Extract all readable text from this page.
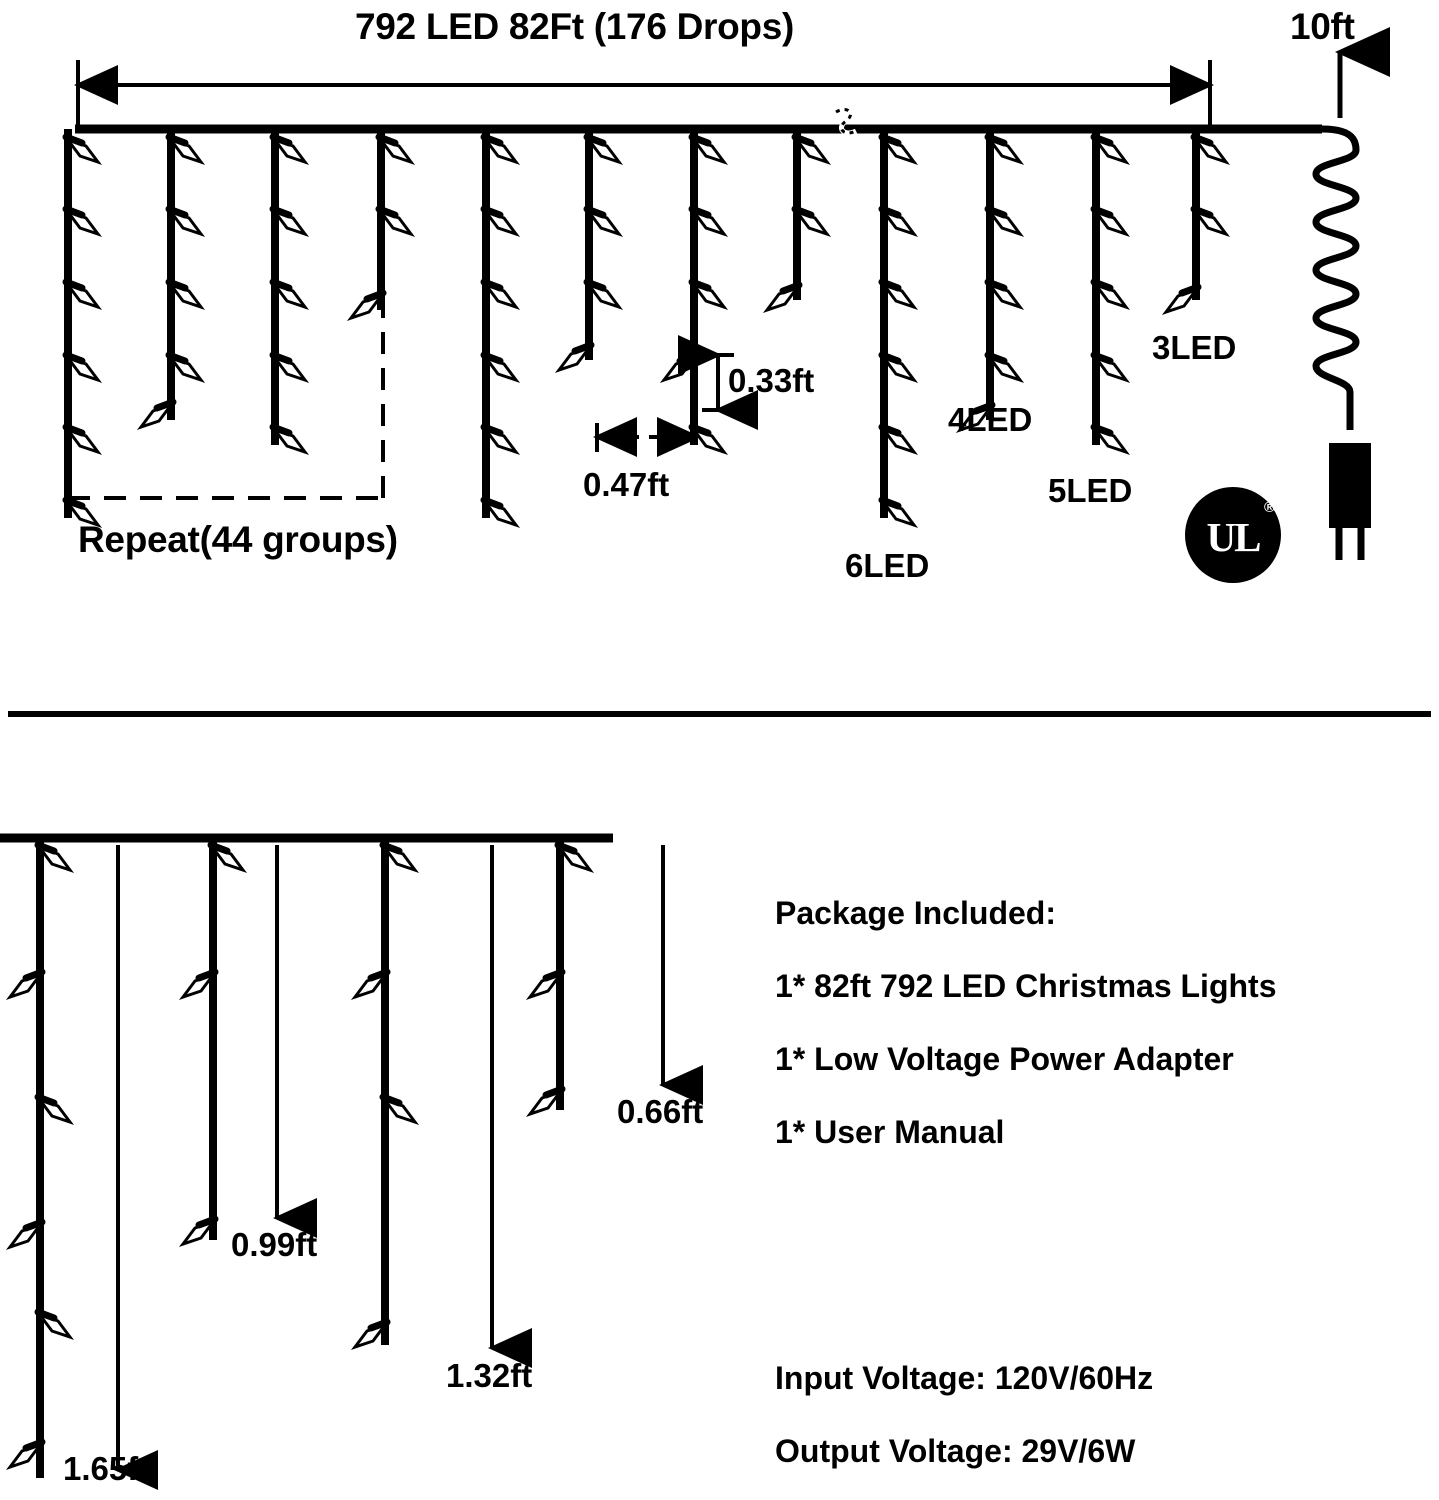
792 LED 82Ft (176 Drops)	10ft
0.33ft
0.47ft
3LED
4LED
5LED
6LED
Repeat(44 groups)	UL
®
0.66ft
0.99ft
1.32ft
1.65ft
Package Included:
1* 82ft 792 LED Christmas Lights
1* Low Voltage Power Adapter
1* User Manual
Input Voltage: 120V/60Hz
Output Voltage: 29V/6W
